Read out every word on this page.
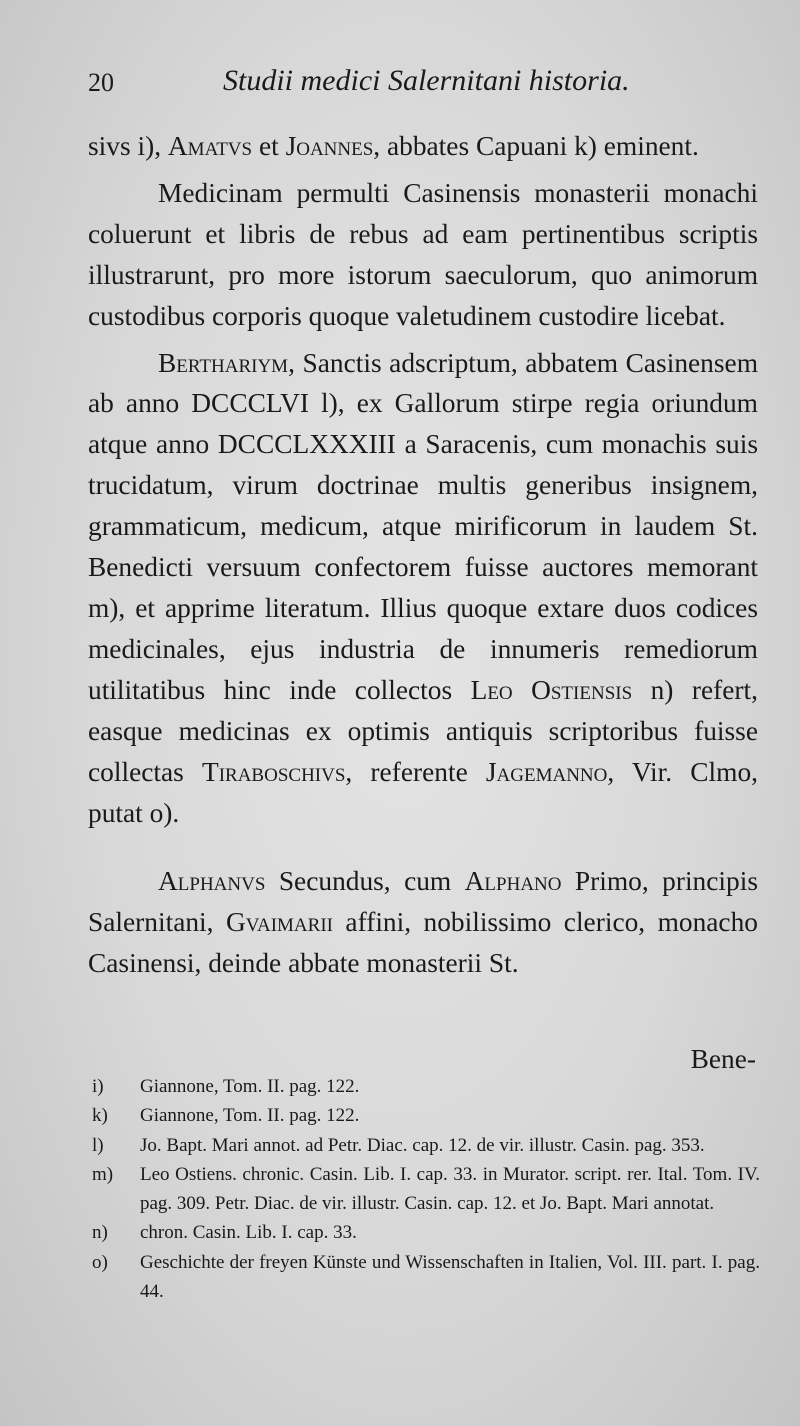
20	Studii medici Salernitani historia.

sivs i), Amatvs et Joannes, abbates Capuani k) eminent.

Medicinam permulti Casinensis monasterii monachi coluerunt et libris de rebus ad eam pertinentibus scriptis illustrarunt, pro more istorum saeculorum, quo animorum custodibus corporis quoque valetudinem custodire licebat.

Berthariym, Sanctis adscriptum, abbatem Casinensem ab anno DCCCLVI l), ex Gallorum stirpe regia oriundum atque anno DCCCLXXXIII a Saracenis, cum monachis suis trucidatum, virum doctrinae multis generibus insignem, grammaticum, medicum, atque mirificorum in laudem St. Benedicti versuum confectorem fuisse auctores memorant m), et apprime literatum. Illius quoque extare duos codices medicinales, ejus industria de innumeris remediorum utilitatibus hinc inde collectos Leo Ostiensis n) refert, easque medicinas ex optimis antiquis scriptoribus fuisse collectas Tiraboschivs, referente Jagemanno, Vir. Clmo, putat o).

Alphanvs Secundus, cum Alphano Primo, principis Salernitani, Gvaimarii affini, nobilissimo clerico, monacho Casinensi, deinde abbate monasterii St.

Bene-
i)	Giannone, Tom. II. pag. 122.
k)	Giannone, Tom. II. pag. 122.
l)	Jo. Bapt. Mari annot. ad Petr. Diac. cap. 12. de vir. illustr. Casin. pag. 353.
m)	Leo Ostiens. chronic. Casin. Lib. I. cap. 33. in Murator. script. rer. Ital. Tom. IV. pag. 309. Petr. Diac. de vir. illustr. Casin. cap. 12. et Jo. Bapt. Mari annotat.
n)	chron. Casin. Lib. I. cap. 33.
o)	Geschichte der freyen Künste und Wissenschaften in Italien, Vol. III. part. I. pag. 44.
